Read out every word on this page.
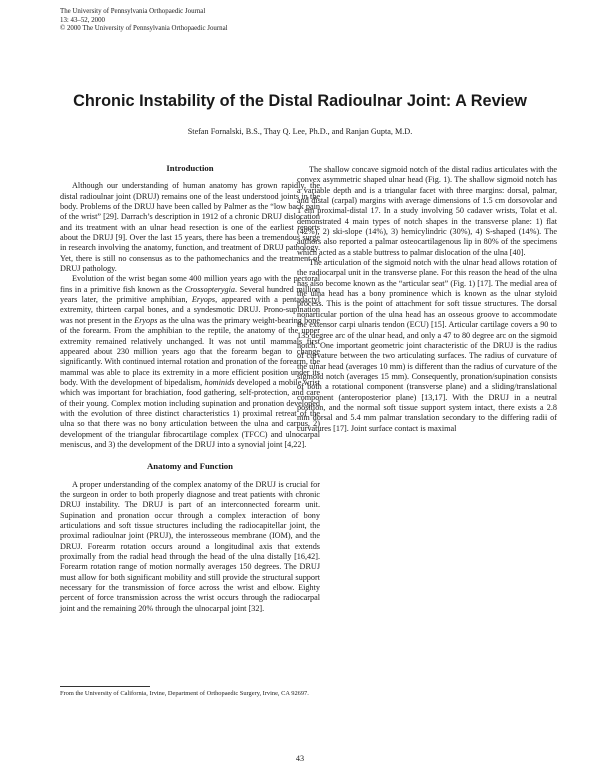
The University of Pennsylvania Orthopaedic Journal
13: 43–52, 2000
© 2000 The University of Pennsylvania Orthopaedic Journal
Chronic Instability of the Distal Radioulnar Joint: A Review
Stefan Fornalski, B.S., Thay Q. Lee, Ph.D., and Ranjan Gupta, M.D.
Introduction

Although our understanding of human anatomy has grown rapidly, the distal radioulnar joint (DRUJ) remains one of the least understood joints in the body. Problems of the DRUJ have been called by Palmer as the “low back pain of the wrist” [29]. Darrach’s description in 1912 of a chronic DRUJ dislocation and its treatment with an ulnar head resection is one of the earliest reports about the DRUJ [9]. Over the last 15 years, there has been a tremendous surge in research involving the anatomy, function, and treatment of DRUJ pathology. Yet, there is still no consensus as to the pathomechanics and the treatment of DRUJ pathology.

Evolution of the wrist began some 400 million years ago with the pectoral fins in a primitive fish known as the Crossopterygia. Several hundred million years later, the primitive amphibian, Eryops, appeared with a pentadactyl extremity, thirteen carpal bones, and a syndesmotic DRUJ. Prono-supination was not present in the Eryops as the ulna was the primary weight-bearing bone of the forearm. From the amphibian to the reptile, the anatomy of the upper extremity remained relatively unchanged. It was not until mammals first appeared about 230 million years ago that the forearm began to change significantly. With continued internal rotation and pronation of the forearm, the mammal was able to place its extremity in a more efficient position under its body. With the development of bipedalism, hominids developed a mobile wrist which was important for brachiation, food gathering, self-protection, and care of their young. Complex motion including supination and pronation developed with the evolution of three distinct characteristics 1) proximal retreat of the ulna so that there was no bony articulation between the ulna and carpus, 2) development of the triangular fibrocartilage complex (TFCC) and ulnocarpal meniscus, and 3) the development of the DRUJ into a synovial joint [4,22].

Anatomy and Function

A proper understanding of the complex anatomy of the DRUJ is crucial for the surgeon in order to both properly diagnose and treat patients with chronic DRUJ instability. The DRUJ is part of an interconnected forearm unit. Supination and pronation occur through a complex interaction of bony articulations and soft tissue structures including the radiocapitellar joint, the proximal radioulnar joint (PRUJ), the interosseous membrane (IOM), and the DRUJ. Forearm rotation occurs around a longitudinal axis that extends proximally from the radial head through the head of the ulna distally [16,42]. Forearm rotation range of motion normally averages 150 degrees. The DRUJ must allow for both significant mobility and still provide the structural support necessary for the transmission of force across the wrist and elbow. Eighty percent of force transmission across the wrist occurs through the radiocarpal joint and the remaining 20% through the ulnocarpal joint [32].

The shallow concave sigmoid notch of the distal radius articulates with the convex asymmetric shaped ulnar head (Fig. 1). The shallow sigmoid notch has a variable depth and is a triangular facet with three margins: dorsal, palmar, and distal (carpal) margins with average dimensions of 1.5 cm dorsovolar and 1 cm proximal-distal 17. In a study involving 50 cadaver wrists, Tolat et al. demonstrated 4 main types of notch shapes in the transverse plane: 1) flat (42%), 2) ski-slope (14%), 3) hemicylindric (30%), 4) S-shaped (14%). The authors also reported a palmar osteocartilagenous lip in 80% of the specimens which acted as a stable buttress to palmar dislocation of the ulna [40].

The articulation of the sigmoid notch with the ulnar head allows rotation of the radiocarpal unit in the transverse plane. For this reason the head of the ulna has also become known as the “articular seat” (Fig. 1) [17]. The medial area of the ulna head has a bony prominence which is known as the ulnar styloid process. This is the point of attachment for soft tissue structures. The dorsal nonarticular portion of the ulna head has an osseous groove to accommodate the extensor carpi ulnaris tendon (ECU) [15]. Articular cartilage covers a 90 to 135 degree arc of the ulnar head, and only a 47 to 80 degree arc on the sigmoid notch. One important geometric joint characteristic of the DRUJ is the radius of curvature between the two articulating surfaces. The radius of curvature of the ulnar head (averages 10 mm) is different than the radius of curvature of the sigmoid notch (averages 15 mm). Consequently, pronation/supination consists of both a rotational component (transverse plane) and a sliding/translational component (anteroposterior plane) [13,17]. With the DRUJ in a neutral position, and the normal soft tissue support system intact, there exists a 2.8 mm dorsal and 5.4 mm palmar translation secondary to the differing radii of curvatures [17]. Joint surface contact is maximal

From the University of California, Irvine, Department of Orthopaedic Surgery, Irvine, CA 92697.
43
